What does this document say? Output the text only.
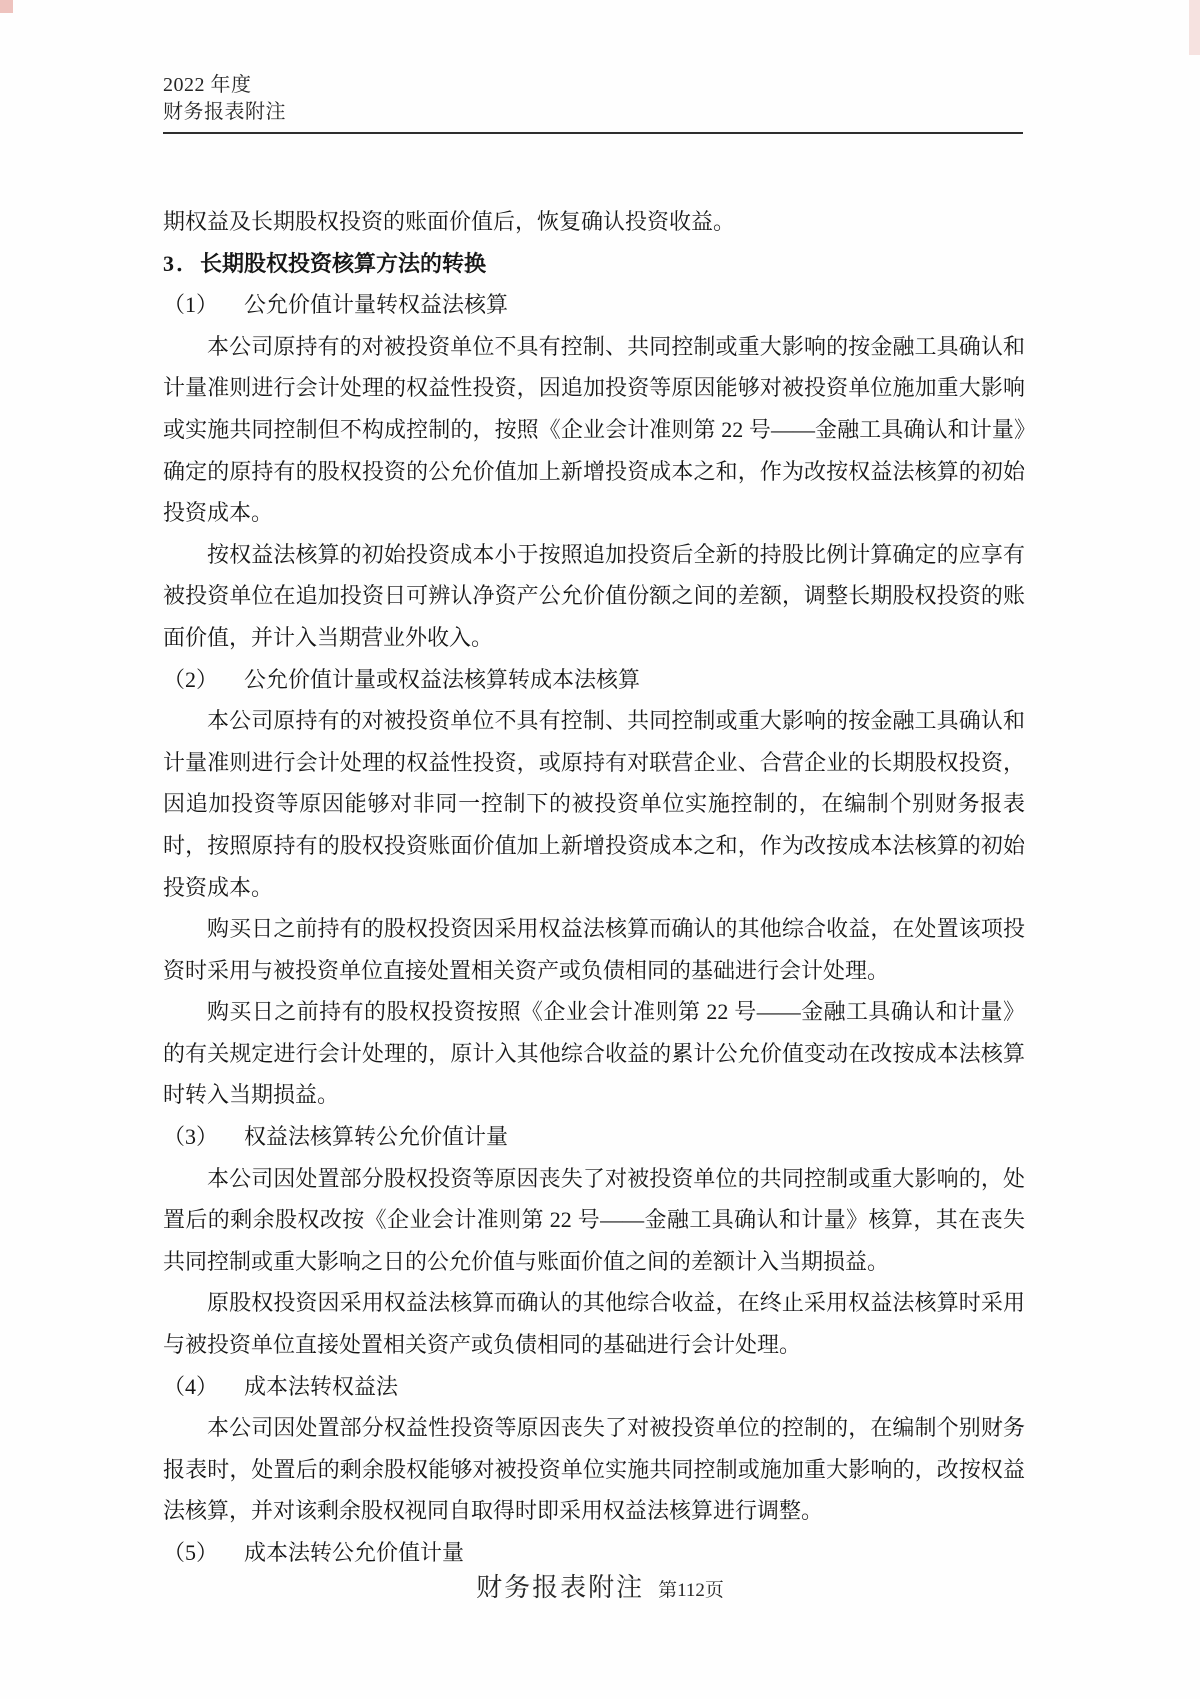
2022 年度
财务报表附注

期权益及长期股权投资的账面价值后，恢复确认投资收益。

3．长期股权投资核算方法的转换

（1） 公允价值计量转权益法核算

本公司原持有的对被投资单位不具有控制、共同控制或重大影响的按金融工具确认和计量准则进行会计处理的权益性投资，因追加投资等原因能够对被投资单位施加重大影响或实施共同控制但不构成控制的，按照《企业会计准则第 22 号——金融工具确认和计量》确定的原持有的股权投资的公允价值加上新增投资成本之和，作为改按权益法核算的初始投资成本。

按权益法核算的初始投资成本小于按照追加投资后全新的持股比例计算确定的应享有被投资单位在追加投资日可辨认净资产公允价值份额之间的差额，调整长期股权投资的账面价值，并计入当期营业外收入。

（2） 公允价值计量或权益法核算转成本法核算

本公司原持有的对被投资单位不具有控制、共同控制或重大影响的按金融工具确认和计量准则进行会计处理的权益性投资，或原持有对联营企业、合营企业的长期股权投资，因追加投资等原因能够对非同一控制下的被投资单位实施控制的，在编制个别财务报表时，按照原持有的股权投资账面价值加上新增投资成本之和，作为改按成本法核算的初始投资成本。

购买日之前持有的股权投资因采用权益法核算而确认的其他综合收益，在处置该项投资时采用与被投资单位直接处置相关资产或负债相同的基础进行会计处理。

购买日之前持有的股权投资按照《企业会计准则第 22 号——金融工具确认和计量》的有关规定进行会计处理的，原计入其他综合收益的累计公允价值变动在改按成本法核算时转入当期损益。

（3） 权益法核算转公允价值计量

本公司因处置部分股权投资等原因丧失了对被投资单位的共同控制或重大影响的，处置后的剩余股权改按《企业会计准则第 22 号——金融工具确认和计量》核算，其在丧失共同控制或重大影响之日的公允价值与账面价值之间的差额计入当期损益。

原股权投资因采用权益法核算而确认的其他综合收益，在终止采用权益法核算时采用与被投资单位直接处置相关资产或负债相同的基础进行会计处理。

（4） 成本法转权益法

本公司因处置部分权益性投资等原因丧失了对被投资单位的控制的，在编制个别财务报表时，处置后的剩余股权能够对被投资单位实施共同控制或施加重大影响的，改按权益法核算，并对该剩余股权视同自取得时即采用权益法核算进行调整。

（5） 成本法转公允价值计量

财务报表附注 第112页
